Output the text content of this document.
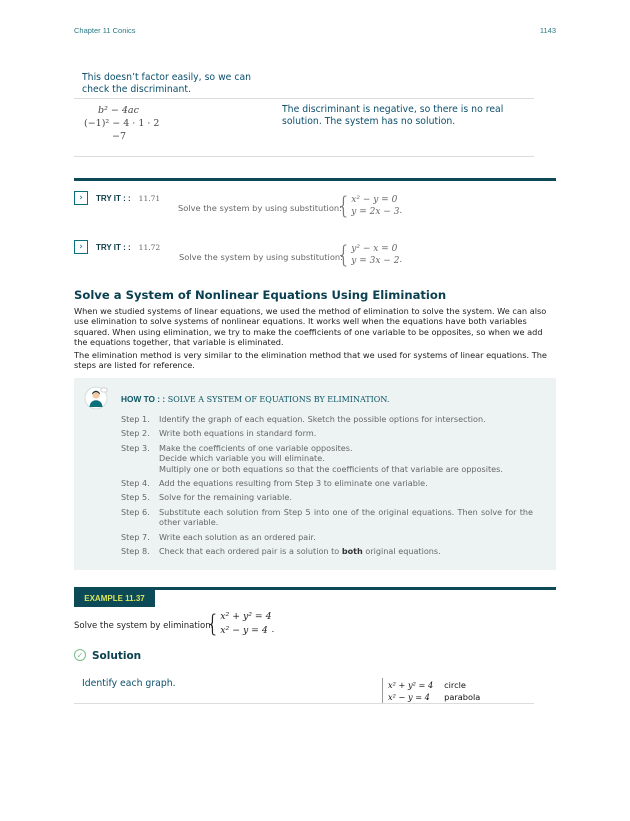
Chapter 11 Conics	1143
This doesn’t factor easily, so we can check the discriminant.
b² − 4ac
(−1)² − 4 · 1 · 2
−7
The discriminant is negative, so there is no real solution. The system has no solution.
›	TRY IT : : 11.71
Solve the system by using substitution:
{ x² − y = 0
y = 2x − 3 .
›	TRY IT : : 11.72
Solve the system by using substitution:
{ y² − x = 0
y = 3x − 2 .
Solve a System of Nonlinear Equations Using Elimination
When we studied systems of linear equations, we used the method of elimination to solve the system. We can also use elimination to solve systems of nonlinear equations. It works well when the equations have both variables squared. When using elimination, we try to make the coefficients of one variable to be opposites, so when we add the equations together, that variable is eliminated.
The elimination method is very similar to the elimination method that we used for systems of linear equations. The steps are listed for reference.
HOW TO : : SOLVE A SYSTEM OF EQUATIONS BY ELIMINATION.
Step 1.	Identify the graph of each equation. Sketch the possible options for intersection.
Step 2.	Write both equations in standard form.
Step 3.	Make the coefficients of one variable opposites.

Decide which variable you will eliminate.

Multiply one or both equations so that the coefficients of that variable are opposites.

Step 4.	Add the equations resulting from Step 3 to eliminate one variable.
Step 5.	Solve for the remaining variable.
Step 6.	Substitute each solution from Step 5 into one of the original equations. Then solve for the other variable.
Step 7.	Write each solution as an ordered pair.
Step 8.	Check that each ordered pair is a solution to both original equations.
EXAMPLE 11.37
Solve the system by elimination:
{ x² + y² = 4
x² − y = 4 .
✓ Solution
Identify each graph.	x² + y² = 4	circle
x² − y = 4	parabola
